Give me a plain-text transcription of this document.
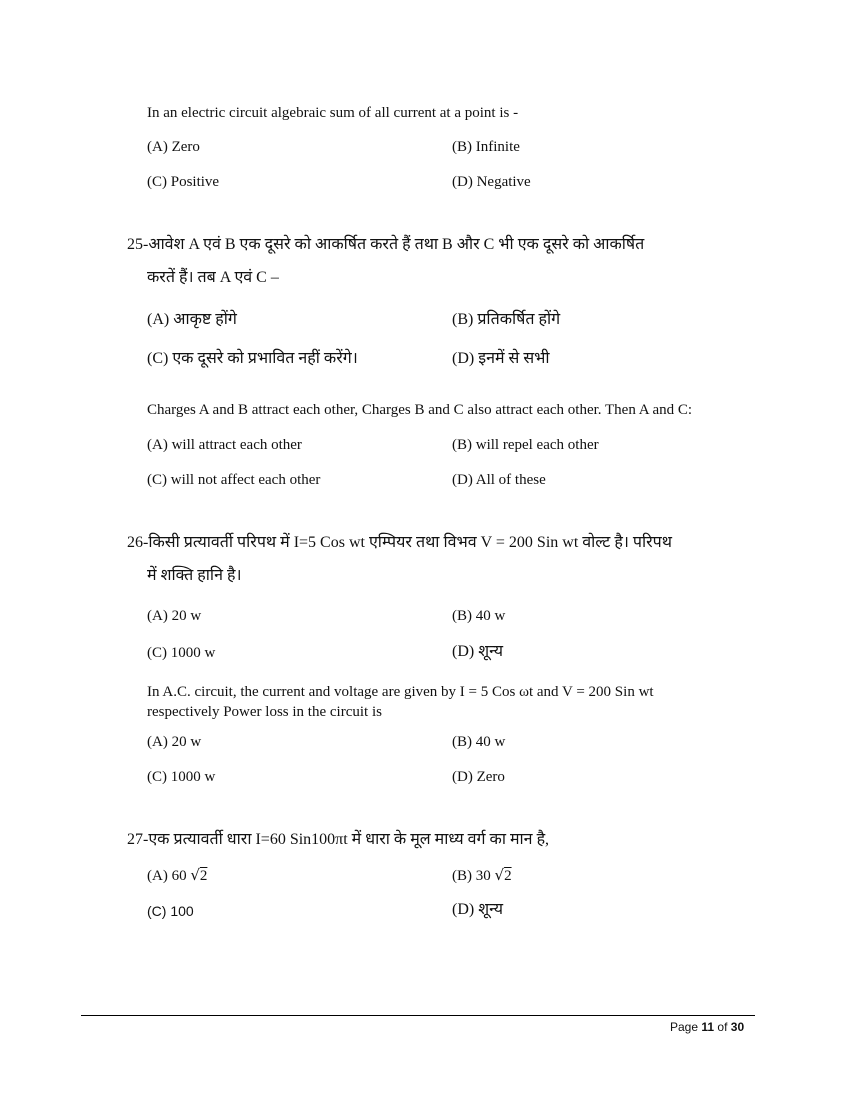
In an electric circuit algebraic sum of all current at a point is -
(A) Zero	(B) Infinite
(C) Positive	(D) Negative
25-आवेश A एवं B एक दूसरे को आकर्षित करते हैं तथा B और C भी एक दूसरे को आकर्षित
करतें हैं। तब A एवं C –
(A) आकृष्ट होंगे	(B) प्रतिकर्षित होंगे
(C) एक दूसरे को प्रभावित नहीं करेंगे।	(D) इनमें से सभी
Charges A and B attract each other, Charges B and C also attract each other. Then A and C:
(A) will attract each other	(B) will repel each other
(C) will not affect each other	(D) All of these
26-किसी प्रत्यावर्ती परिपथ में I=5 Cos wt एम्पियर तथा विभव V = 200 Sin wt वोल्ट है। परिपथ
में शक्ति हानि है।
(A) 20 w	(B) 40 w
(C) 1000 w	(D) शून्य
In A.C. circuit, the current and voltage are given by I = 5 Cos ωt and V = 200 Sin wt
respectively Power loss in the circuit is
(A) 20 w	(B) 40 w
(C) 1000 w	(D) Zero
27-एक प्रत्यावर्ती धारा I=60 Sin100πt में धारा के मूल माध्य वर्ग का मान है,
(A) 60 √2	(B) 30 √2
(C) 100	(D) शून्य
Page 11 of 30
